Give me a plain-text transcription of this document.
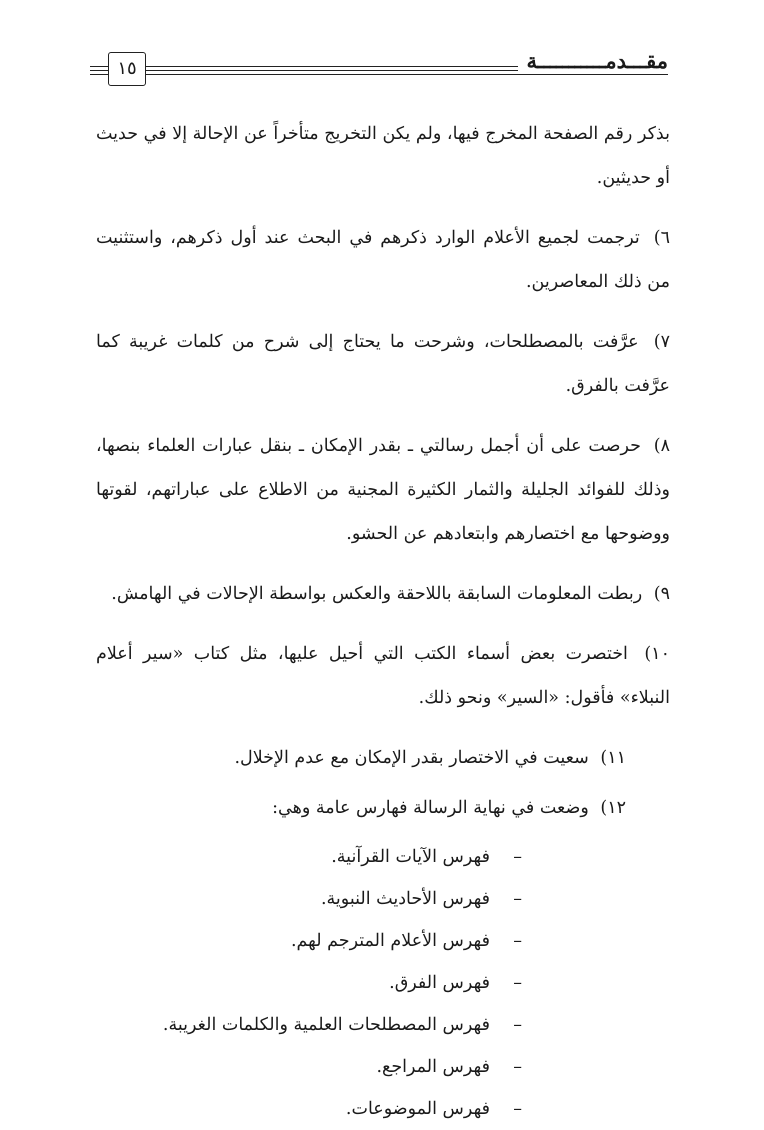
١٥	مقـــدمـــــــــــة

بذكر رقم الصفحة المخرج فيها، ولم يكن التخريج متأخراً عن الإحالة إلا في حديث أو حديثين.

٦) ترجمت لجميع الأعلام الوارد ذكرهم في البحث عند أول ذكرهم، واستثنيت من ذلك المعاصرين.

٧) عرَّفت بالمصطلحات، وشرحت ما يحتاج إلى شرح من كلمات غريبة كما عرَّفت بالفرق.

٨) حرصت على أن أجمل رسالتي ـ بقدر الإمكان ـ بنقل عبارات العلماء بنصها، وذلك للفوائد الجليلة والثمار الكثيرة المجنية من الاطلاع على عباراتهم، لقوتها ووضوحها مع اختصارهم وابتعادهم عن الحشو.

٩) ربطت المعلومات السابقة باللاحقة والعكس بواسطة الإحالات في الهامش.

١٠) اختصرت بعض أسماء الكتب التي أحيل عليها، مثل كتاب «سير أعلام النبلاء» فأقول: «السير» ونحو ذلك.

١١) سعيت في الاختصار بقدر الإمكان مع عدم الإخلال.

١٢) وضعت في نهاية الرسالة فهارس عامة وهي:

–فهرس الآيات القرآنية.
–فهرس الأحاديث النبوية.
–فهرس الأعلام المترجم لهم.
–فهرس الفرق.
–فهرس المصطلحات العلمية والكلمات الغريبة.
–فهرس المراجع.
–فهرس الموضوعات.
